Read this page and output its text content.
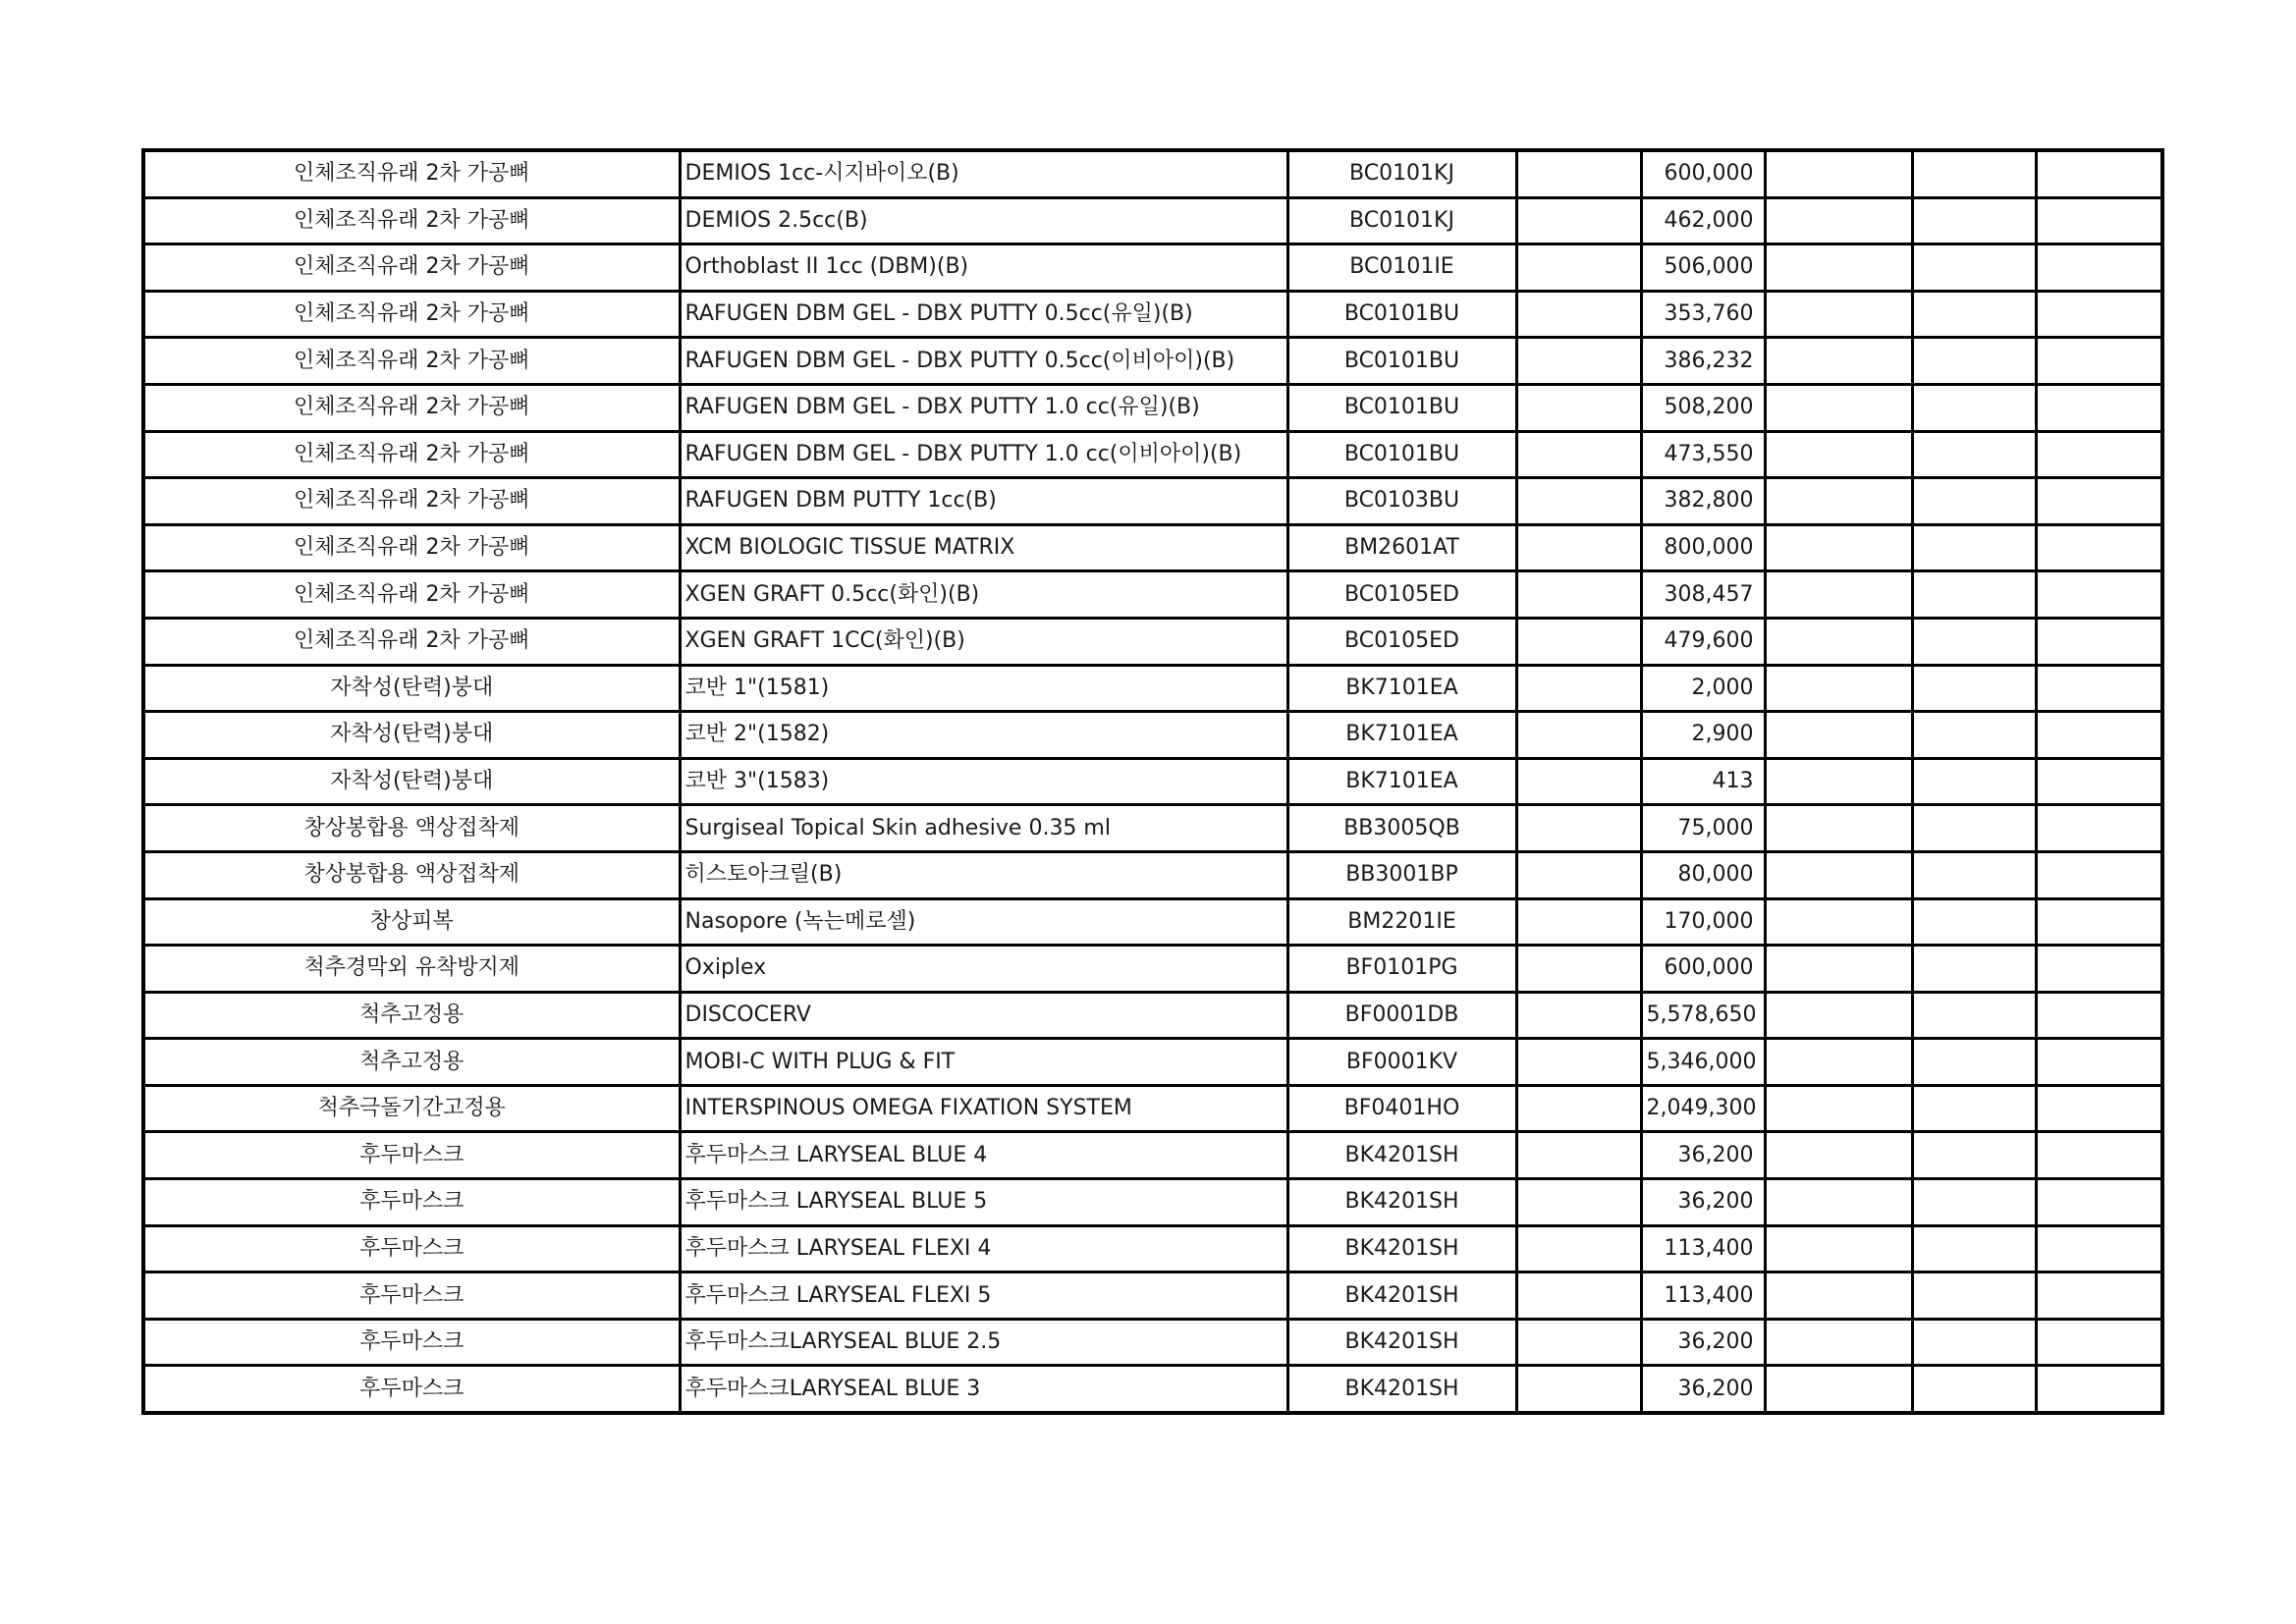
인체조직유래 2차 가공뼈	DEMIOS 1cc-시지바이오(B)	BC0101KJ		600,000			
인체조직유래 2차 가공뼈	DEMIOS 2.5cc(B)	BC0101KJ		462,000			
인체조직유래 2차 가공뼈	Orthoblast II 1cc (DBM)(B)	BC0101IE		506,000			
인체조직유래 2차 가공뼈	RAFUGEN DBM GEL - DBX PUTTY 0.5cc(유일)(B)	BC0101BU		353,760			
인체조직유래 2차 가공뼈	RAFUGEN DBM GEL - DBX PUTTY 0.5cc(이비아이)(B)	BC0101BU		386,232			
인체조직유래 2차 가공뼈	RAFUGEN DBM GEL - DBX PUTTY 1.0 cc(유일)(B)	BC0101BU		508,200			
인체조직유래 2차 가공뼈	RAFUGEN DBM GEL - DBX PUTTY 1.0 cc(이비아이)(B)	BC0101BU		473,550			
인체조직유래 2차 가공뼈	RAFUGEN DBM PUTTY 1cc(B)	BC0103BU		382,800			
인체조직유래 2차 가공뼈	XCM BIOLOGIC TISSUE MATRIX	BM2601AT		800,000			
인체조직유래 2차 가공뼈	XGEN GRAFT 0.5cc(화인)(B)	BC0105ED		308,457			
인체조직유래 2차 가공뼈	XGEN GRAFT 1CC(화인)(B)	BC0105ED		479,600			
자착성(탄력)붕대	코반 1"(1581)	BK7101EA		2,000			
자착성(탄력)붕대	코반 2"(1582)	BK7101EA		2,900			
자착성(탄력)붕대	코반 3"(1583)	BK7101EA		413			
창상봉합용 액상접착제	Surgiseal Topical Skin adhesive 0.35 ml	BB3005QB		75,000			
창상봉합용 액상접착제	히스토아크릴(B)	BB3001BP		80,000			
창상피복	Nasopore (녹는메로셀)	BM2201IE		170,000			
척추경막외 유착방지제	Oxiplex	BF0101PG		600,000			
척추고정용	DISCOCERV	BF0001DB		5,578,650			
척추고정용	MOBI-C WITH PLUG & FIT	BF0001KV		5,346,000			
척추극돌기간고정용	INTERSPINOUS OMEGA FIXATION SYSTEM	BF0401HO		2,049,300			
후두마스크	후두마스크 LARYSEAL BLUE 4	BK4201SH		36,200			
후두마스크	후두마스크 LARYSEAL BLUE 5	BK4201SH		36,200			
후두마스크	후두마스크 LARYSEAL FLEXI 4	BK4201SH		113,400			
후두마스크	후두마스크 LARYSEAL FLEXI 5	BK4201SH		113,400			
후두마스크	후두마스크LARYSEAL BLUE 2.5	BK4201SH		36,200			
후두마스크	후두마스크LARYSEAL BLUE 3	BK4201SH		36,200			
